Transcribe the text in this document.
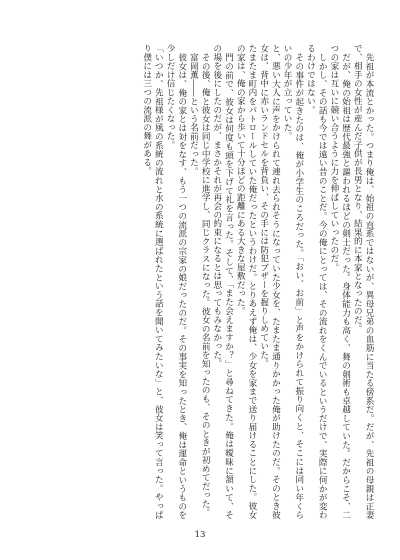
先祖が本流とかった。つまり俺は、始祖の直系ではないが、異母兄弟の血筋に当たる傍系だ。だが、先祖の母親は正妻で、相手の女性が産んだ子供が長男となり、結果的に本家となったのだ。

だが、俺の始祖は歴代最強と謳われるほどの剣士だった。身体能力も高く、舞の剣術も卓越していた。だからこそ、二つの家は互いに競い合うように力を伸ばしていったのだ。

しかし、その話も今では遠い昔のことだ。今の俺にとっては、その流れをくんでいるというだけで、実際に何かが変わるわけではない。

その事件が起きたのは、俺が小学生のころだった。「おい、お前」と声をかけられて振り向くと、そこには同い年くらいの少年が立っていた。

と、悪い大人に声をかけられて連れ去られそうになっていた少女を、たまたま通りかかった俺が助けたのだ。そのとき彼女は、背中に赤いランドセルを背負い、その手には防犯ブザーを握りしめていた。

たまたま町内をパトロールしていた俺だったというわけだ。とりあえず俺は、少女を家まで送り届けることにした。彼女の家は、俺の家から歩いて十分ほどの距離にある大きな屋敷だった。

門の前で、彼女は何度も頭を下げて礼を言った。そして、「また会えますか？」と尋ねてきた。俺は曖昧に頷いて、その場を後にしたのだが、まさかそれが再会の約束になるとは思ってもみなかった。

その後、俺と彼女は同じ中学校に進学し、同じクラスになった。彼女の名前を知ったのも、そのときが初めてだった。

富岡薫――という名前だった。

彼女は、俺の家とは対をなす、もう一つの流派の宗家の娘だったのだ。その事実を知ったとき、俺は運命というものを少しだけ信じたくなった。

「いつか、先祖様が風の系統の流れと水の系統に選ばれたという話を聞いてみたいな」と、彼女は笑って言った。やっぱり僕には三つの流派の舞がある。

13
